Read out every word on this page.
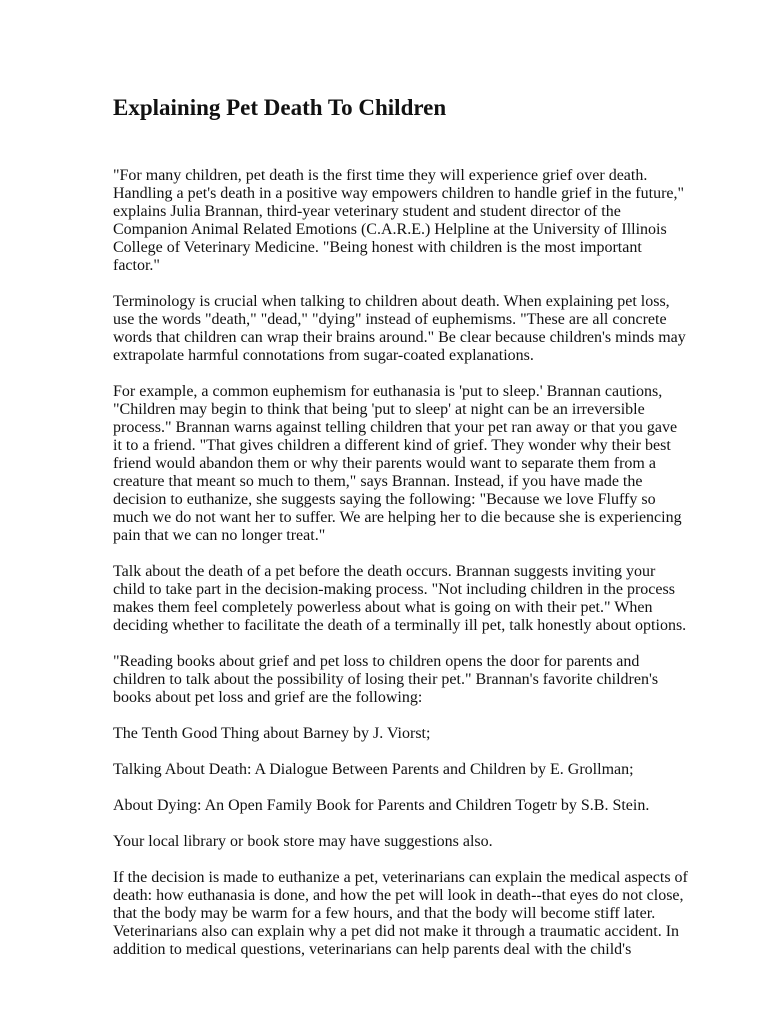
Explaining Pet Death To Children
"For many children, pet death is the first time they will experience grief over death.
Handling a pet's death in a positive way empowers children to handle grief in the future,"
explains Julia Brannan, third-year veterinary student and student director of the
Companion Animal Related Emotions (C.A.R.E.) Helpline at the University of Illinois
College of Veterinary Medicine. "Being honest with children is the most important
factor."
Terminology is crucial when talking to children about death. When explaining pet loss,
use the words "death," "dead," "dying" instead of euphemisms. "These are all concrete
words that children can wrap their brains around." Be clear because children's minds may
extrapolate harmful connotations from sugar-coated explanations.
For example, a common euphemism for euthanasia is 'put to sleep.' Brannan cautions,
"Children may begin to think that being 'put to sleep' at night can be an irreversible
process." Brannan warns against telling children that your pet ran away or that you gave
it to a friend. "That gives children a different kind of grief. They wonder why their best
friend would abandon them or why their parents would want to separate them from a
creature that meant so much to them," says Brannan. Instead, if you have made the
decision to euthanize, she suggests saying the following: "Because we love Fluffy so
much we do not want her to suffer. We are helping her to die because she is experiencing
pain that we can no longer treat."
Talk about the death of a pet before the death occurs. Brannan suggests inviting your
child to take part in the decision-making process. "Not including children in the process
makes them feel completely powerless about what is going on with their pet." When
deciding whether to facilitate the death of a terminally ill pet, talk honestly about options.
"Reading books about grief and pet loss to children opens the door for parents and
children to talk about the possibility of losing their pet." Brannan's favorite children's
books about pet loss and grief are the following:
The Tenth Good Thing about Barney by J. Viorst;
Talking About Death: A Dialogue Between Parents and Children by E. Grollman;
About Dying: An Open Family Book for Parents and Children Togetr by S.B. Stein.
Your local library or book store may have suggestions also.
If the decision is made to euthanize a pet, veterinarians can explain the medical aspects of
death: how euthanasia is done, and how the pet will look in death--that eyes do not close,
that the body may be warm for a few hours, and that the body will become stiff later.
Veterinarians also can explain why a pet did not make it through a traumatic accident. In
addition to medical questions, veterinarians can help parents deal with the child's
